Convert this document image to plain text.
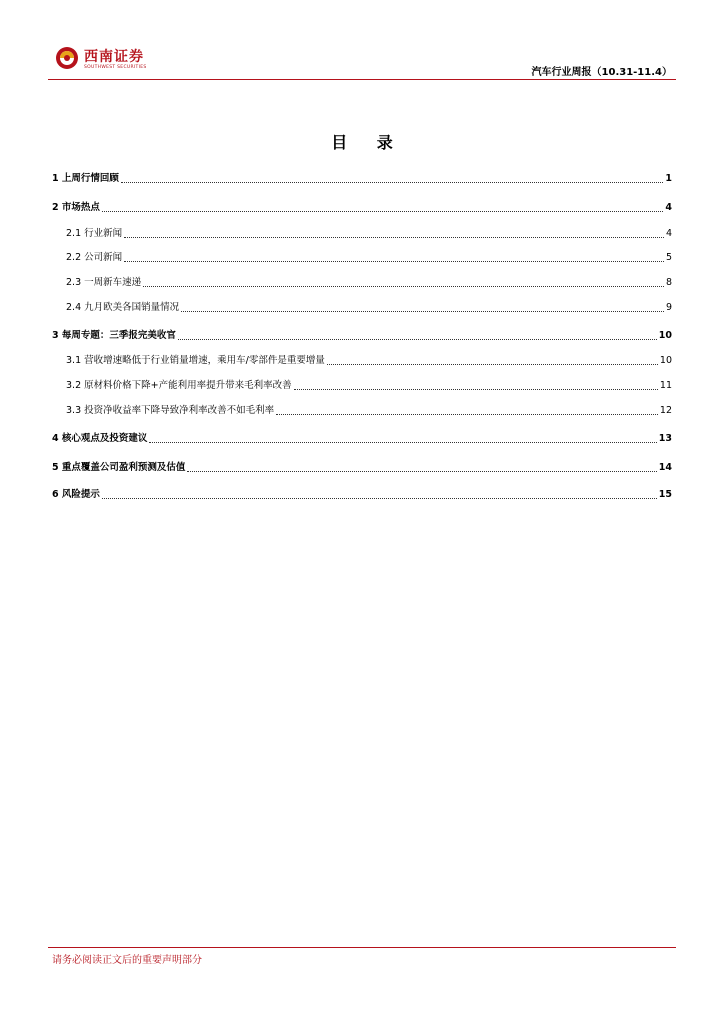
西南证券
SOUTHWEST SECURITIES	汽车行业周报（10.31-11.4）
目 录
1 上周行情回顾	1
2 市场热点	4
2.1 行业新闻	4
2.2 公司新闻	5
2.3 一周新车速递	8
2.4 九月欧美各国销量情况	9
3 每周专题：三季报完美收官	10
3.1 营收增速略低于行业销量增速，乘用车/零部件是重要增量	10
3.2 原材料价格下降+产能利用率提升带来毛利率改善	11
3.3 投资净收益率下降导致净利率改善不如毛利率	12
4 核心观点及投资建议	13
5 重点覆盖公司盈利预测及估值	14
6 风险提示	15
请务必阅读正文后的重要声明部分
